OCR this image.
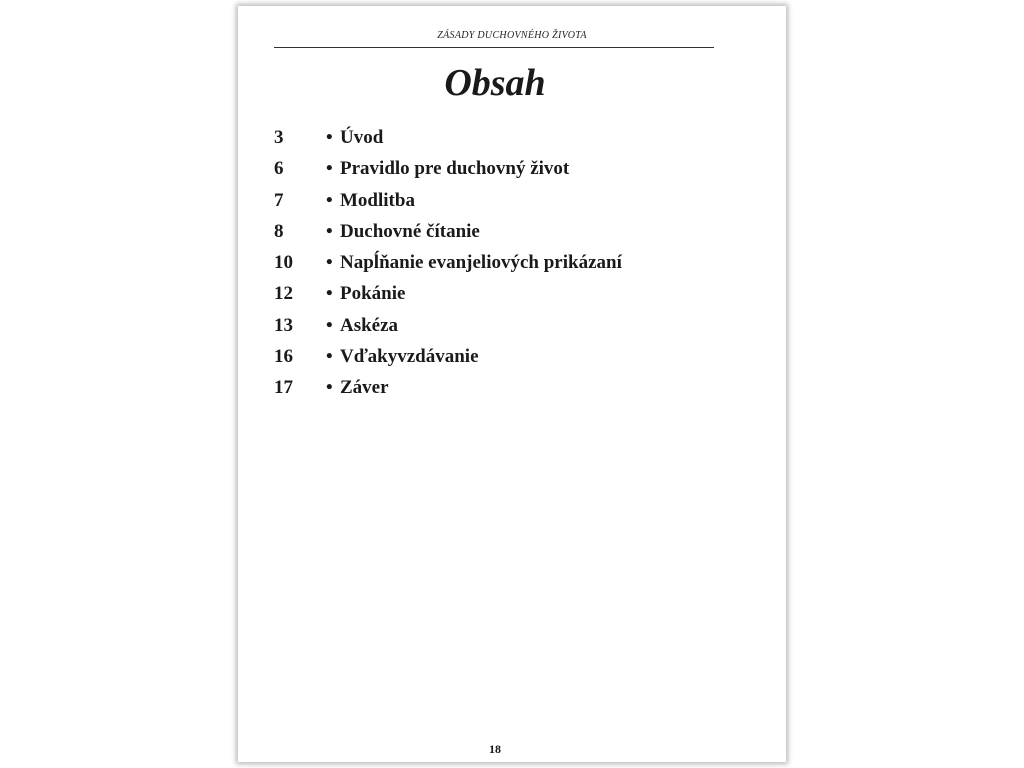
ZÁSADY DUCHOVNÉHO ŽIVOTA
Obsah
3 • Úvod
6 • Pravidlo pre duchovný život
7 • Modlitba
8 • Duchovné čítanie
10 • Napĺňanie evanjeliových prikázaní
12 • Pokánie
13 • Askéza
16 • Vďakyvzdávanie
17 • Záver
18
